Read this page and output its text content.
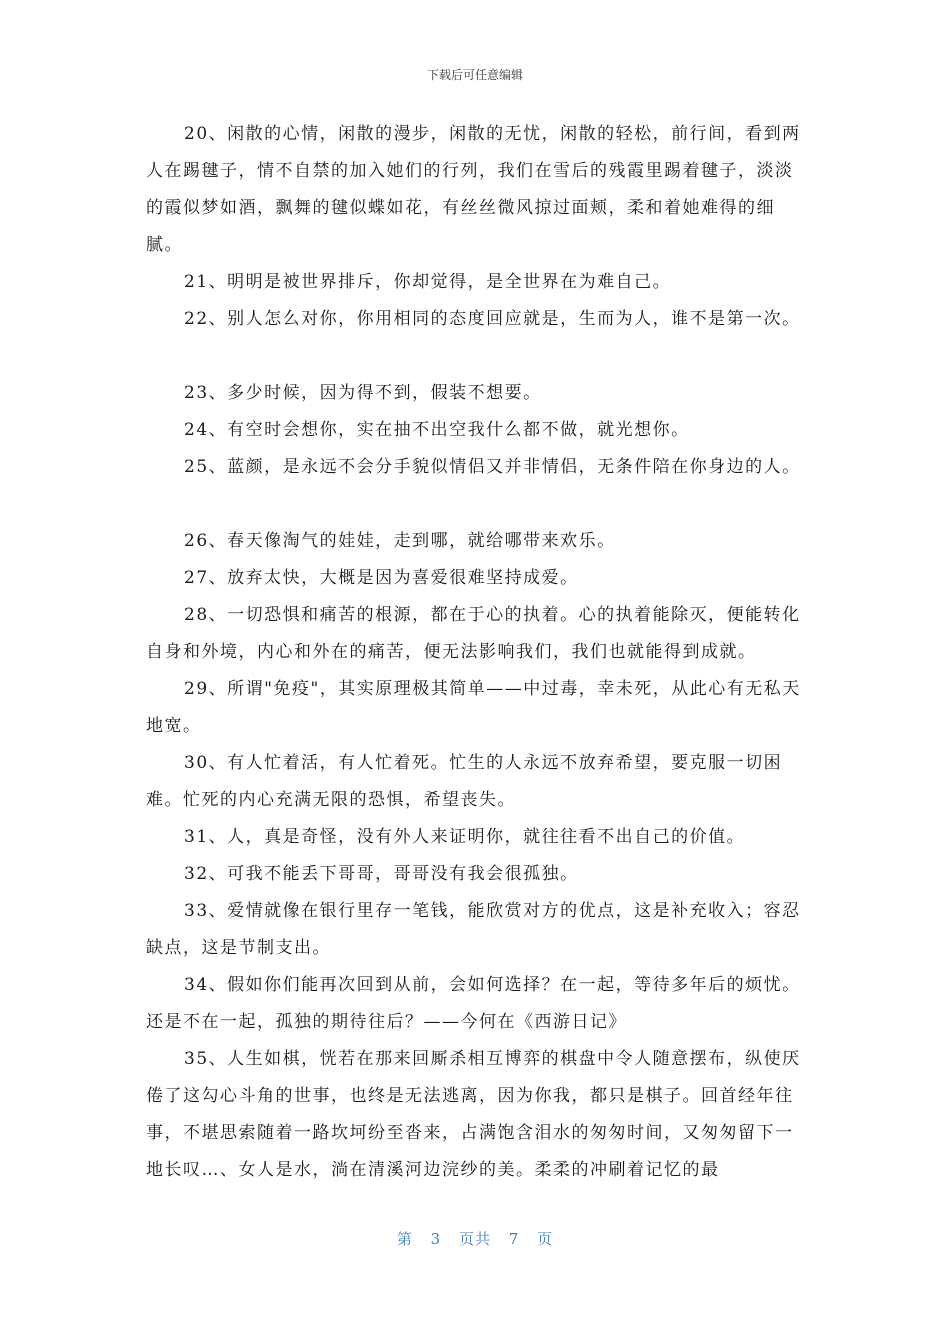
下载后可任意编辑

20、闲散的心情，闲散的漫步，闲散的无忧，闲散的轻松，前行间，看到两人在踢毽子，情不自禁的加入她们的行列，我们在雪后的残霞里踢着毽子，淡淡的霞似梦如酒，飘舞的毽似蝶如花，有丝丝微风掠过面颊，柔和着她难得的细腻。

21、明明是被世界排斥，你却觉得，是全世界在为难自己。

22、别人怎么对你，你用相同的态度回应就是，生而为人，谁不是第一次。

23、多少时候，因为得不到，假装不想要。

24、有空时会想你，实在抽不出空我什么都不做，就光想你。

25、蓝颜，是永远不会分手貌似情侣又并非情侣，无条件陪在你身边的人。

26、春天像淘气的娃娃，走到哪，就给哪带来欢乐。

27、放弃太快，大概是因为喜爱很难坚持成爱。

28、一切恐惧和痛苦的根源，都在于心的执着。心的执着能除灭，便能转化自身和外境，内心和外在的痛苦，便无法影响我们，我们也就能得到成就。

29、所谓"免疫"，其实原理极其简单——中过毒，幸未死，从此心有无私天地宽。

30、有人忙着活，有人忙着死。忙生的人永远不放弃希望，要克服一切困难。忙死的内心充满无限的恐惧，希望丧失。

31、人，真是奇怪，没有外人来证明你，就往往看不出自己的价值。

32、可我不能丢下哥哥，哥哥没有我会很孤独。

33、爱情就像在银行里存一笔钱，能欣赏对方的优点，这是补充收入；容忍缺点，这是节制支出。

34、假如你们能再次回到从前，会如何选择？在一起，等待多年后的烦忧。还是不在一起，孤独的期待往后？——今何在《西游日记》

35、人生如棋，恍若在那来回厮杀相互博弈的棋盘中令人随意摆布，纵使厌倦了这勾心斗角的世事，也终是无法逃离，因为你我，都只是棋子。回首经年往事，不堪思索随着一路坎坷纷至沓来，占满饱含泪水的匆匆时间，又匆匆留下一地长叹…、女人是水，淌在清溪河边浣纱的美。柔柔的冲刷着记忆的最

第 3 页共 7 页
